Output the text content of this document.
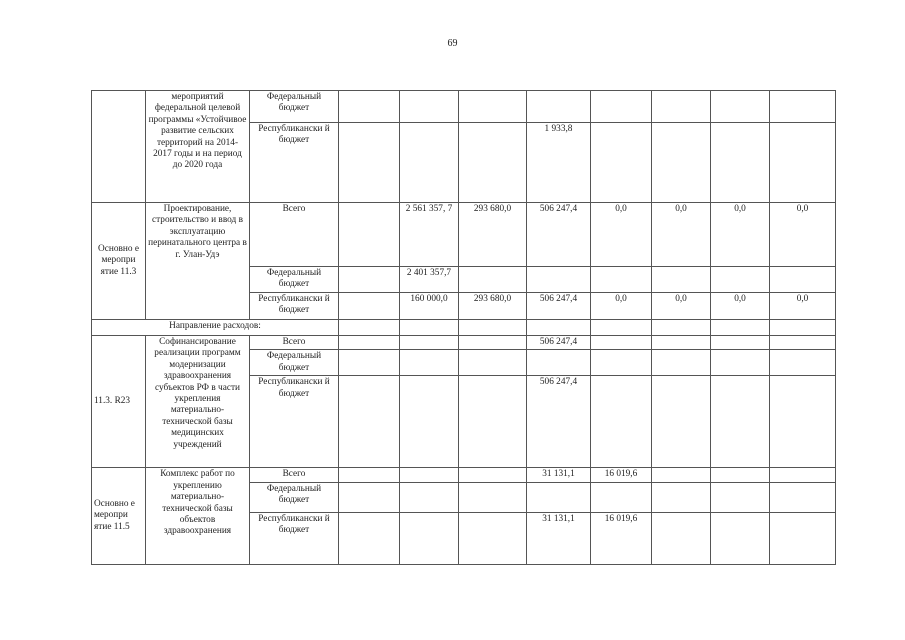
69
	мероприятий федеральной целевой программы «Устойчивое развитие сельских территорий на 2014-2017 годы и на период до 2020 года	Федеральный бюджет								
		Республикански й бюджет				1 933,8				
Основно е меропри ятие 11.3	Проектирование, строительство и ввод в эксплуатацию перинатального центра в г. Улан-Удэ	Всего		2 561 357, 7	293 680,0	506 247,4	0,0	0,0	0,0	0,0
		Федеральный бюджет		2 401 357,7						
		Республикански й бюджет		160 000,0	293 680,0	506 247,4	0,0	0,0	0,0	0,0
Направление расходов:										
11.3. R23	Софинансирование реализации программ модернизации здравоохранения субъектов РФ в части укрепления материально-технической базы медицинских учреждений	Всего				506 247,4				
		Федеральный бюджет								
		Республикански й бюджет				506 247,4				
Основно е меропри ятие 11.5	Комплекс работ по укреплению материально-технической базы объектов здравоохранения	Всего				31 131,1	16 019,6			
		Федеральный бюджет								
		Республикански й бюджет				31 131,1	16 019,6			
